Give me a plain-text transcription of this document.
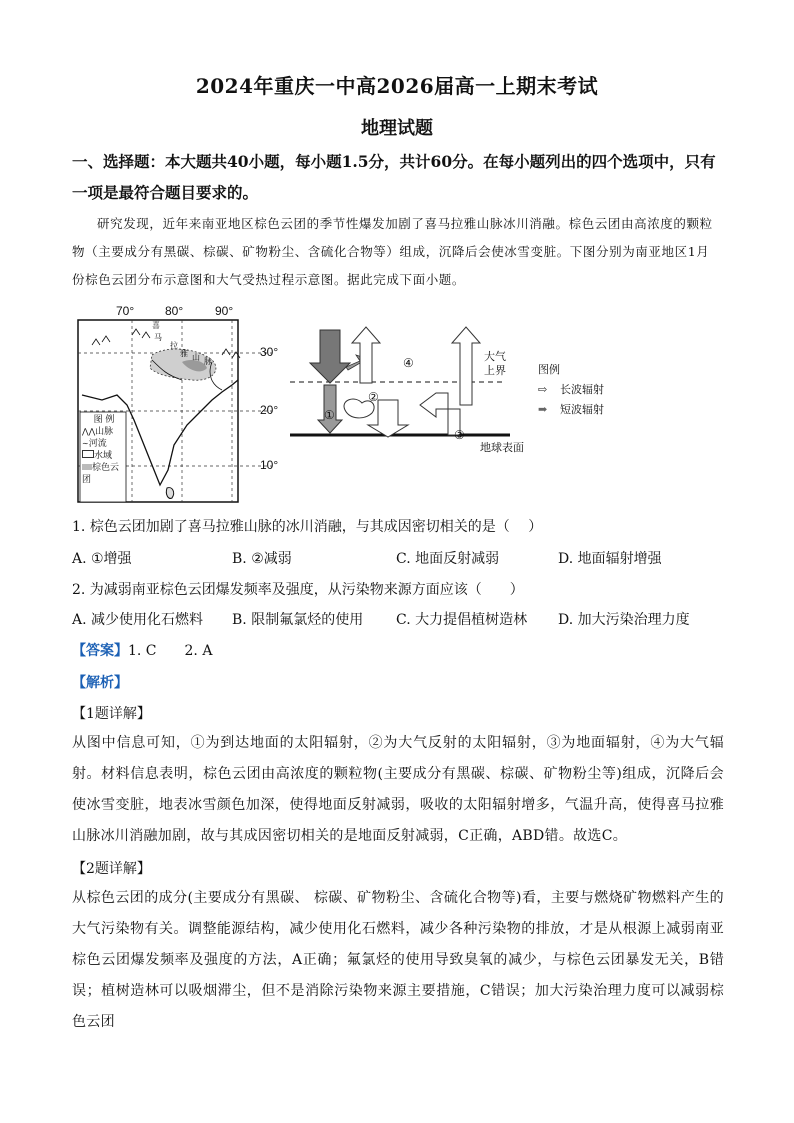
2024年重庆一中高2026届高一上期末考试
地理试题
一、选择题：本大题共40小题，每小题1.5分，共计60分。在每小题列出的四个选项中，只有一项是最符合题目要求的。
研究发现，近年来南亚地区棕色云团的季节性爆发加剧了喜马拉雅山脉冰川消融。棕色云团由高浓度的颗粒物（主要成分有黑碳、棕碳、矿物粉尘、含硫化合物等）组成，沉降后会使冰雪变脏。下图分别为南亚地区1月份棕色云团分布示意图和大气受热过程示意图。据此完成下面小题。
70°	80°	90°
30°
20°
10°
喜
马
拉
雅 山 脉
图 例
⋀⋀山脉
∼河流
水域
棕色云团
①
②
③
④	大气上界
地球表面
图例
⇨ 长波辐射
➡ 短波辐射
1. 棕色云团加剧了喜马拉雅山脉的冰川消融，与其成因密切相关的是（　 ）
A. ①增强	B. ②减弱	C. 地面反射减弱	D. 地面辐射增强
2. 为减弱南亚棕色云团爆发频率及强度，从污染物来源方面应该（　　）
A. 减少使用化石燃料 B. 限制氟氯烃的使用 C. 大力提倡植树造林 D. 加大污染治理力度
【答案】1. C　　2. A
【解析】
【1题详解】
从图中信息可知，①为到达地面的太阳辐射，②为大气反射的太阳辐射，③为地面辐射，④为大气辐射。材料信息表明，棕色云团由高浓度的颗粒物(主要成分有黑碳、棕碳、矿物粉尘等)组成，沉降后会使冰雪变脏，地表冰雪颜色加深，使得地面反射减弱，吸收的太阳辐射增多，气温升高，使得喜马拉雅山脉冰川消融加剧，故与其成因密切相关的是地面反射减弱，C正确，ABD错。故选C。
【2题详解】
从棕色云团的成分(主要成分有黑碳、 棕碳、矿物粉尘、含硫化合物等)看，主要与燃烧矿物燃料产生的大气污染物有关。调整能源结构，减少使用化石燃料，减少各种污染物的排放，才是从根源上减弱南亚棕色云团爆发频率及强度的方法，A正确；氟氯烃的使用导致臭氧的减少，与棕色云团暴发无关，B错误；植树造林可以吸烟滞尘，但不是消除污染物来源主要措施，C错误；加大污染治理力度可以减弱棕色云团
